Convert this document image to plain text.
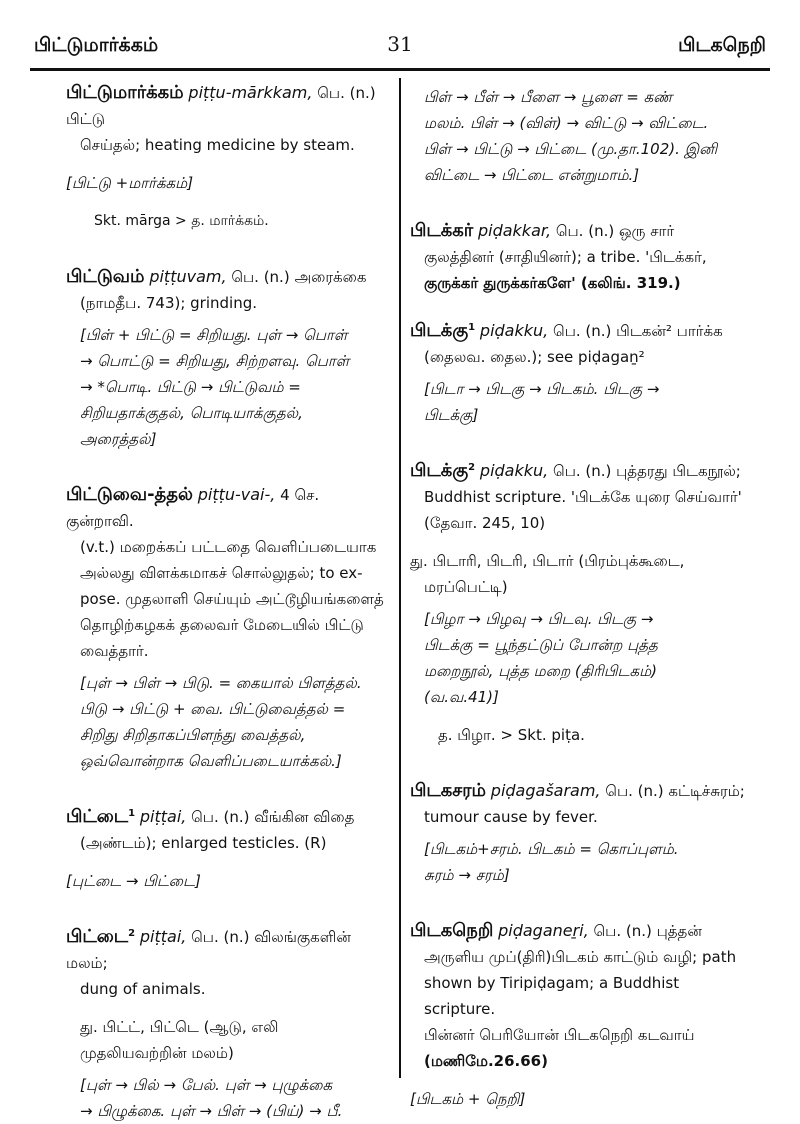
பிட்டுமார்க்கம்	31	பிடகநெறி

பிட்டுமார்க்கம் piṭṭu-mārkkam, பெ. (n.) பிட்டு

செய்தல்; heating medicine by steam.

[பிட்டு +மார்க்கம்]

Skt. mārga > த. மார்க்கம்.

பிட்டுவம் piṭṭuvam, பெ. (n.) அரைக்கை

(நாமதீப. 743); grinding.

[பிள் + பிட்டு = சிறியது. புள் → பொள்
→ பொட்டு = சிறியது, சிற்றளவு. பொள்
→ *பொடி. பிட்டு → பிட்டுவம் =
சிறியதாக்குதல், பொடியாக்குதல்,
அரைத்தல்]

பிட்டுவை-த்தல் piṭṭu-vai-, 4 செ. குன்றாவி.

(v.t.) மறைக்கப் பட்டதை வெளிப்படையாக

அல்லது விளக்கமாகச் சொல்லுதல்; to ex-

pose. முதலாளி செய்யும் அட்டூழியங்களைத்

தொழிற்கழகக் தலைவர் மேடையில் பிட்டு

வைத்தார்.

[புள் → பிள் → பிடு. = கையால் பிளத்தல்.
பிடு → பிட்டு + வை. பிட்டுவைத்தல் =
சிறிது சிறிதாகப்பிளந்து வைத்தல்,
ஒவ்வொன்றாக வெளிப்படையாக்கல்.]

பிட்டை$^1$ piṭṭai, பெ. (n.) வீங்கின விதை

(அண்டம்); enlarged testicles. (R)

[புட்டை → பிட்டை]

பிட்டை$^2$ piṭṭai, பெ. (n.) விலங்குகளின் மலம்;

dung of animals.

து. பிட்ட், பிட்டெ (ஆடு, எலி
முதலியவற்றின் மலம்)
[புள் → பில் → பேல். புள் → புழுக்கை
→ பிழுக்கை. புள் → பிள் → (பிய்) → பீ.
பிள் → பீள் → பீளை → பூளை = கண்
மலம். பிள் → (விள்) → விட்டு → விட்டை.
பிள் → பிட்டு → பிட்டை (மு.தா.102). இனி
விட்டை → பிட்டை என்றுமாம்.]

பிடக்கர் piḍakkar, பெ. (n.) ஒரு சார்

குலத்தினர் (சாதியினர்); a tribe. 'பிடக்கர்,

குருக்கர் துருக்கர்களே' (கலிங். 319.)

பிடக்கு$^1$ piḍakku, பெ. (n.) பிடகன்² பார்க்க

(தைலவ. தைல.); see piḍagaṉ²

[பிடா → பிடகு → பிடகம். பிடகு →
பிடக்கு]

பிடக்கு$^2$ piḍakku, பெ. (n.) புத்தரது பிடகநூல்;

Buddhist scripture. 'பிடக்கே யுரை செய்வார்'

(தேவா. 245, 10)

து. பிடாரி, பிடரி, பிடார் (பிரம்புக்கூடை,
மரப்பெட்டி)
[பிழா → பிழவு → பிடவு. பிடகு →
பிடக்கு = பூந்தட்டுப் போன்ற புத்த
மறைநூல், புத்த மறை (திரிபிடகம்)
(வ.வ.41)]

த. பிழா. > Skt. piṭa.

பிடகசரம் piḍagašaram, பெ. (n.) கட்டிச்சுரம்;

tumour cause by fever.

[பிடகம்+சரம். பிடகம் = கொப்புளம்.
சுரம் → சரம்]

பிடகநெறி piḍaganeṟi, பெ. (n.) புத்தன்

அருளிய முப்(திரி)பிடகம் காட்டும் வழி; path

shown by Tiripiḍagam; a Buddhist scripture.

பின்னர் பெரியோன் பிடகநெறி கடவாய்

(மணிமே.26.66)

[பிடகம் + நெறி]
